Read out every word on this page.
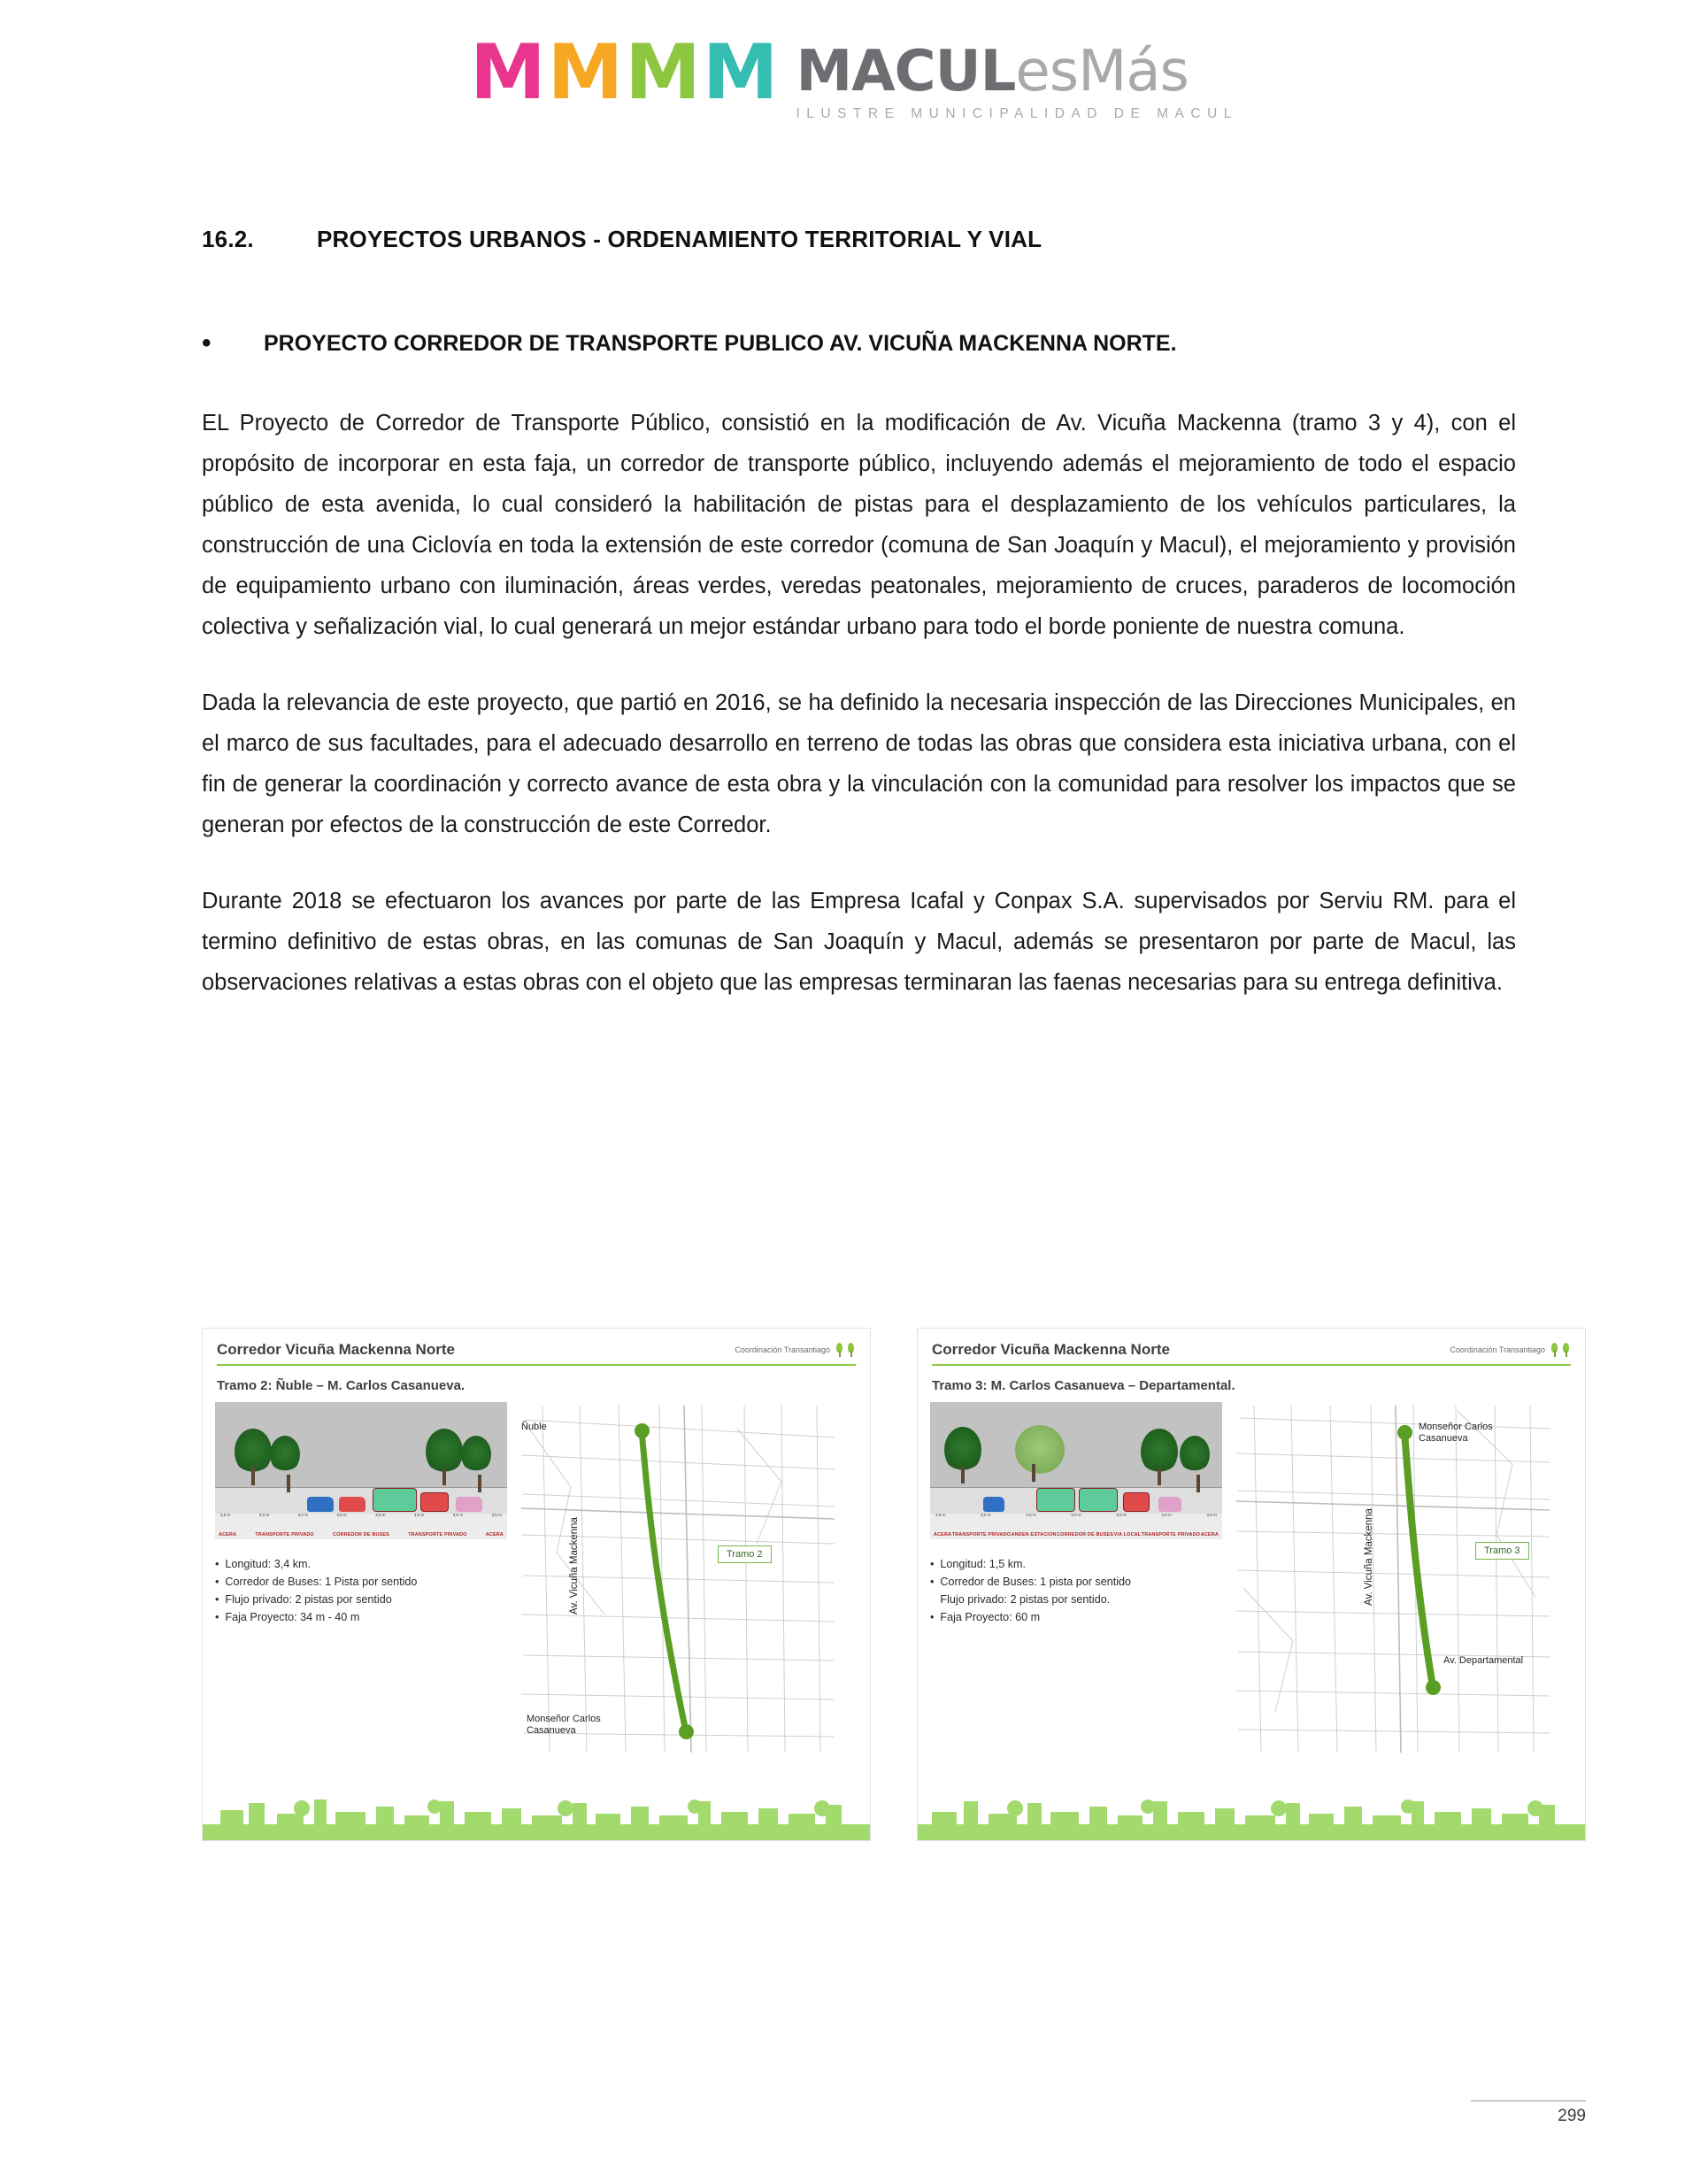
M M M M MACULesMás
ILUSTRE MUNICIPALIDAD DE MACUL
16.2.	PROYECTOS URBANOS - ORDENAMIENTO TERRITORIAL Y VIAL
•	PROYECTO CORREDOR DE TRANSPORTE PUBLICO AV. VICUÑA MACKENNA NORTE.

EL Proyecto de Corredor de Transporte Público, consistió en la modificación de Av. Vicuña Mackenna (tramo 3 y 4), con el propósito de incorporar en esta faja, un corredor de transporte público, incluyendo además el mejoramiento de todo el espacio público de esta avenida, lo cual consideró la habilitación de pistas para el desplazamiento de los vehículos particulares, la construcción de una Ciclovía en toda la extensión de este corredor (comuna de San Joaquín y Macul), el mejoramiento y provisión de equipamiento urbano con iluminación, áreas verdes, veredas peatonales, mejoramiento de cruces, paraderos de locomoción colectiva y señalización vial, lo cual generará un mejor estándar urbano para todo el borde poniente de nuestra comuna.

Dada la relevancia de este proyecto, que partió en 2016, se ha definido la necesaria inspección de las Direcciones Municipales, en el marco de sus facultades, para el adecuado desarrollo en terreno de todas las obras que considera esta iniciativa urbana, con el fin de generar la coordinación y correcto avance de esta obra y la vinculación con la comunidad para resolver los impactos que se generan por efectos de la construcción de este Corredor.

Durante 2018 se efectuaron los avances por parte de las Empresa Icafal y Conpax S.A. supervisados por Serviu RM. para el termino definitivo de estas obras, en las comunas de San Joaquín y Macul, además se presentaron por parte de Macul, las observaciones relativas a estas obras con el objeto que las empresas terminaran las faenas necesarias para su entrega definitiva.

Corredor Vicuña Mackenna Norte	Coordinación Transantiago
Tramo 2: Ñuble – M. Carlos Casanueva.
3,5 m	3,0 m	3,0 m	3,5 m	3,5 m	3,0 m	3,0 m	3,5 m
ACERA	TRANSPORTE PRIVADO	CORREDOR DE BUSES	TRANSPORTE PRIVADO	ACERA
• Longitud: 3,4 km.
• Corredor de Buses: 1 Pista por sentido
• Flujo privado: 2 pistas por sentido
• Faja Proyecto: 34 m - 40 m
Ñuble
Monseñor Carlos Casanueva
Av. Vicuña Mackenna	Tramo 2
Corredor Vicuña Mackenna Norte	Coordinación Transantiago
Tramo 3: M. Carlos Casanueva – Departamental.
3,5 m	3,0 m	3,0 m	3,0 m	3,0 m	3,0 m	3,5 m
ACERA TRANSPORTE PRIVADO ANDEN ESTACION CORREDOR DE BUSES VIA LOCAL TRANSPORTE PRIVADO ACERA
• Longitud: 1,5 km.
• Corredor de Buses: 1 pista por sentido
Flujo privado: 2 pistas por sentido.
• Faja Proyecto: 60 m
Monseñor Carlos Casanueva
Av. Departamental
Av. Vicuña Mackenna	Tramo 3
299
